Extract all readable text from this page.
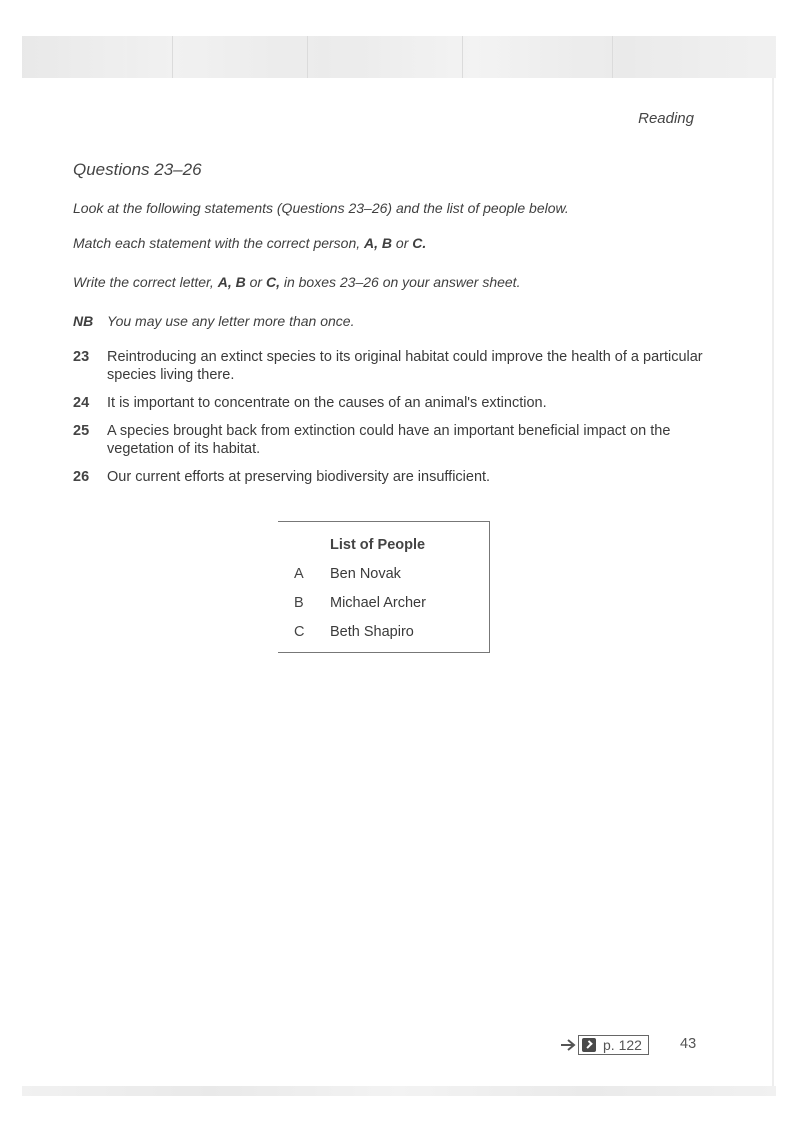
Reading
Questions 23–26
Look at the following statements (Questions 23–26) and the list of people below.
Match each statement with the correct person, A, B or C.
Write the correct letter, A, B or C, in boxes 23–26 on your answer sheet.
NB You may use any letter more than once.
23	Reintroducing an extinct species to its original habitat could improve the health of a particular species living there.
24	It is important to concentrate on the causes of an animal's extinction.
25	A species brought back from extinction could have an important beneficial impact on the vegetation of its habitat.
26	Our current efforts at preserving biodiversity are insufficient.
List of People
A	Ben Novak
B	Michael Archer
C	Beth Shapiro
p. 122	43
